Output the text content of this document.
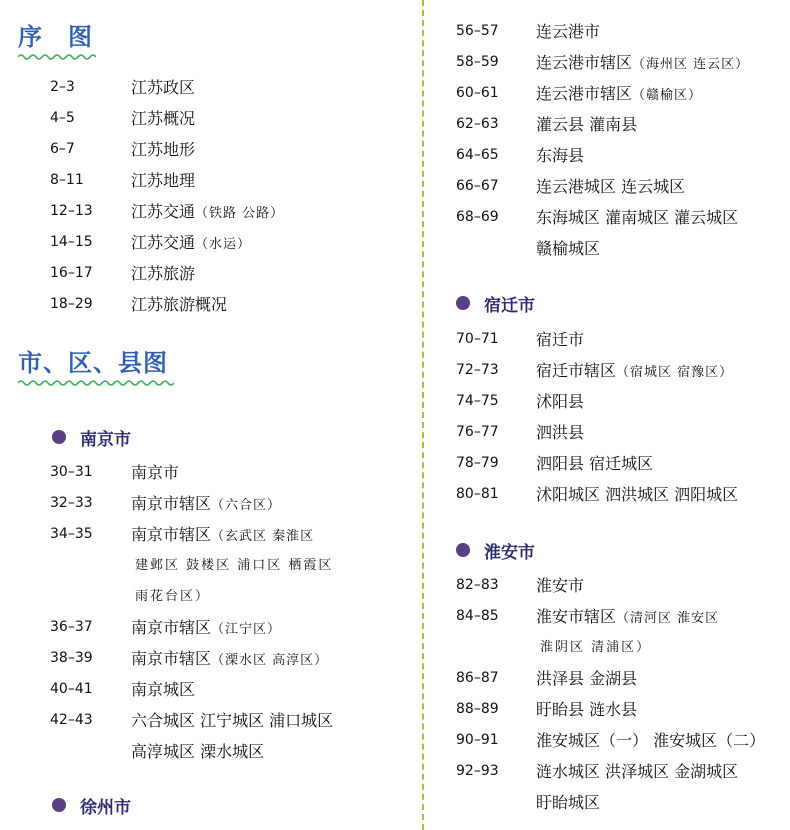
序　图
2–3	江苏政区
4–5	江苏概况
6–7	江苏地形
8–11	江苏地理
12–13 江苏交通（铁路 公路）
14–15 江苏交通（水运）
16–17 江苏旅游
18–29 江苏旅游概况
市、区、县图
南京市
30–31 南京市
32–33 南京市辖区（六合区）
34–35 南京市辖区（玄武区 秦淮区
建邺区 鼓楼区 浦口区 栖霞区
雨花台区）
36–37 南京市辖区（江宁区）
38–39 南京市辖区（溧水区 高淳区）
40–41 南京城区
42–43 六合城区 江宁城区 浦口城区
高淳城区 溧水城区
徐州市
56–57 连云港市
58–59 连云港市辖区（海州区 连云区）
60–61 连云港市辖区（赣榆区）
62–63 灌云县 灌南县
64–65 东海县
66–67 连云港城区 连云城区
68–69 东海城区 灌南城区 灌云城区
赣榆城区
宿迁市
70–71 宿迁市
72–73 宿迁市辖区（宿城区 宿豫区）
74–75 沭阳县
76–77 泗洪县
78–79 泗阳县 宿迁城区
80–81 沭阳城区 泗洪城区 泗阳城区
淮安市
82–83 淮安市
84–85 淮安市辖区（清河区 淮安区
淮阴区 清浦区）
86–87 洪泽县 金湖县
88–89 盱眙县 涟水县
90–91 淮安城区（一） 淮安城区（二）
92–93 涟水城区 洪泽城区 金湖城区
盱眙城区
